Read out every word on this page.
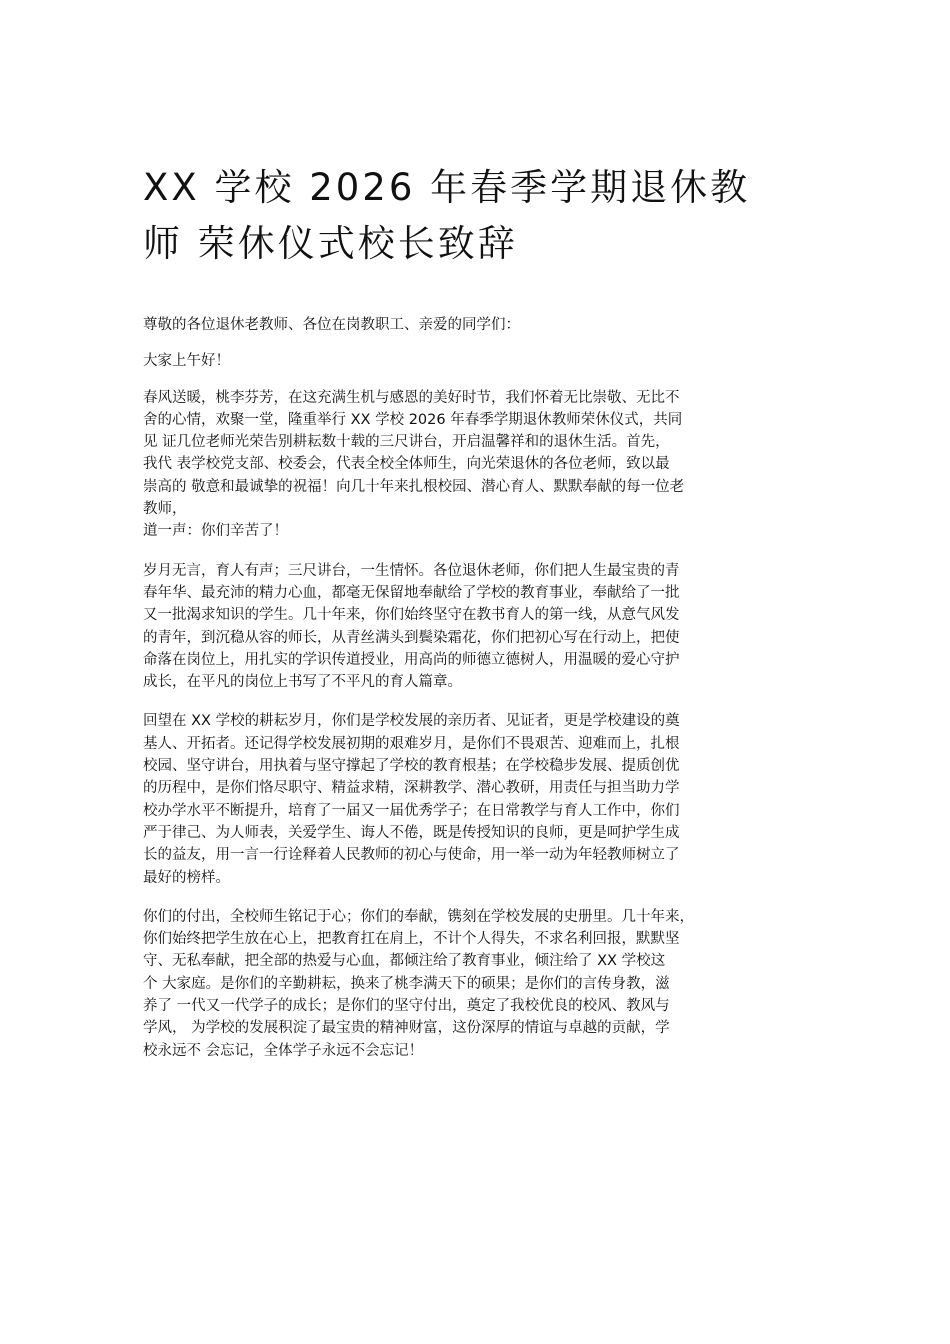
XX 学校 2026 年春季学期退休教
师 荣休仪式校长致辞

尊敬的各位退休老教师、各位在岗教职工、亲爱的同学们：

大家上午好！

春风送暖，桃李芬芳，在这充满生机与感恩的美好时节，我们怀着无比崇敬、无比不
舍的心情，欢聚一堂，隆重举行 XX 学校 2026 年春季学期退休教师荣休仪式，共同
见 证几位老师光荣告别耕耘数十载的三尺讲台，开启温馨祥和的退休生活。首先，
我代 表学校党支部、校委会，代表全校全体师生，向光荣退休的各位老师，致以最
崇高的 敬意和最诚挚的祝福！向几十年来扎根校园、潜心育人、默默奉献的每一位老
教师，
道一声：你们辛苦了！

岁月无言，育人有声；三尺讲台，一生情怀。各位退休老师，你们把人生最宝贵的青
春年华、最充沛的精力心血，都毫无保留地奉献给了学校的教育事业，奉献给了一批
又一批渴求知识的学生。几十年来，你们始终坚守在教书育人的第一线，从意气风发
的青年，到沉稳从容的师长，从青丝满头到鬓染霜花，你们把初心写在行动上，把使
命落在岗位上，用扎实的学识传道授业，用高尚的师德立德树人，用温暖的爱心守护
成长，在平凡的岗位上书写了不平凡的育人篇章。

回望在 XX 学校的耕耘岁月，你们是学校发展的亲历者、见证者，更是学校建设的奠
基人、开拓者。还记得学校发展初期的艰难岁月，是你们不畏艰苦、迎难而上，扎根
校园、坚守讲台，用执着与坚守撑起了学校的教育根基；在学校稳步发展、提质创优
的历程中，是你们恪尽职守、精益求精，深耕教学、潜心教研，用责任与担当助力学
校办学水平不断提升，培育了一届又一届优秀学子；在日常教学与育人工作中，你们
严于律己、为人师表，关爱学生、诲人不倦，既是传授知识的良师，更是呵护学生成
长的益友，用一言一行诠释着人民教师的初心与使命，用一举一动为年轻教师树立了
最好的榜样。

你们的付出，全校师生铭记于心；你们的奉献，镌刻在学校发展的史册里。几十年来，
你们始终把学生放在心上，把教育扛在肩上，不计个人得失，不求名利回报，默默坚
守、无私奉献，把全部的热爱与心血，都倾注给了教育事业，倾注给了 XX 学校这
个 大家庭。是你们的辛勤耕耘，换来了桃李满天下的硕果；是你们的言传身教，滋
养了 一代又一代学子的成长；是你们的坚守付出，奠定了我校优良的校风、教风与
学风， 为学校的发展积淀了最宝贵的精神财富，这份深厚的情谊与卓越的贡献，学
校永远不 会忘记，全体学子永远不会忘记！
